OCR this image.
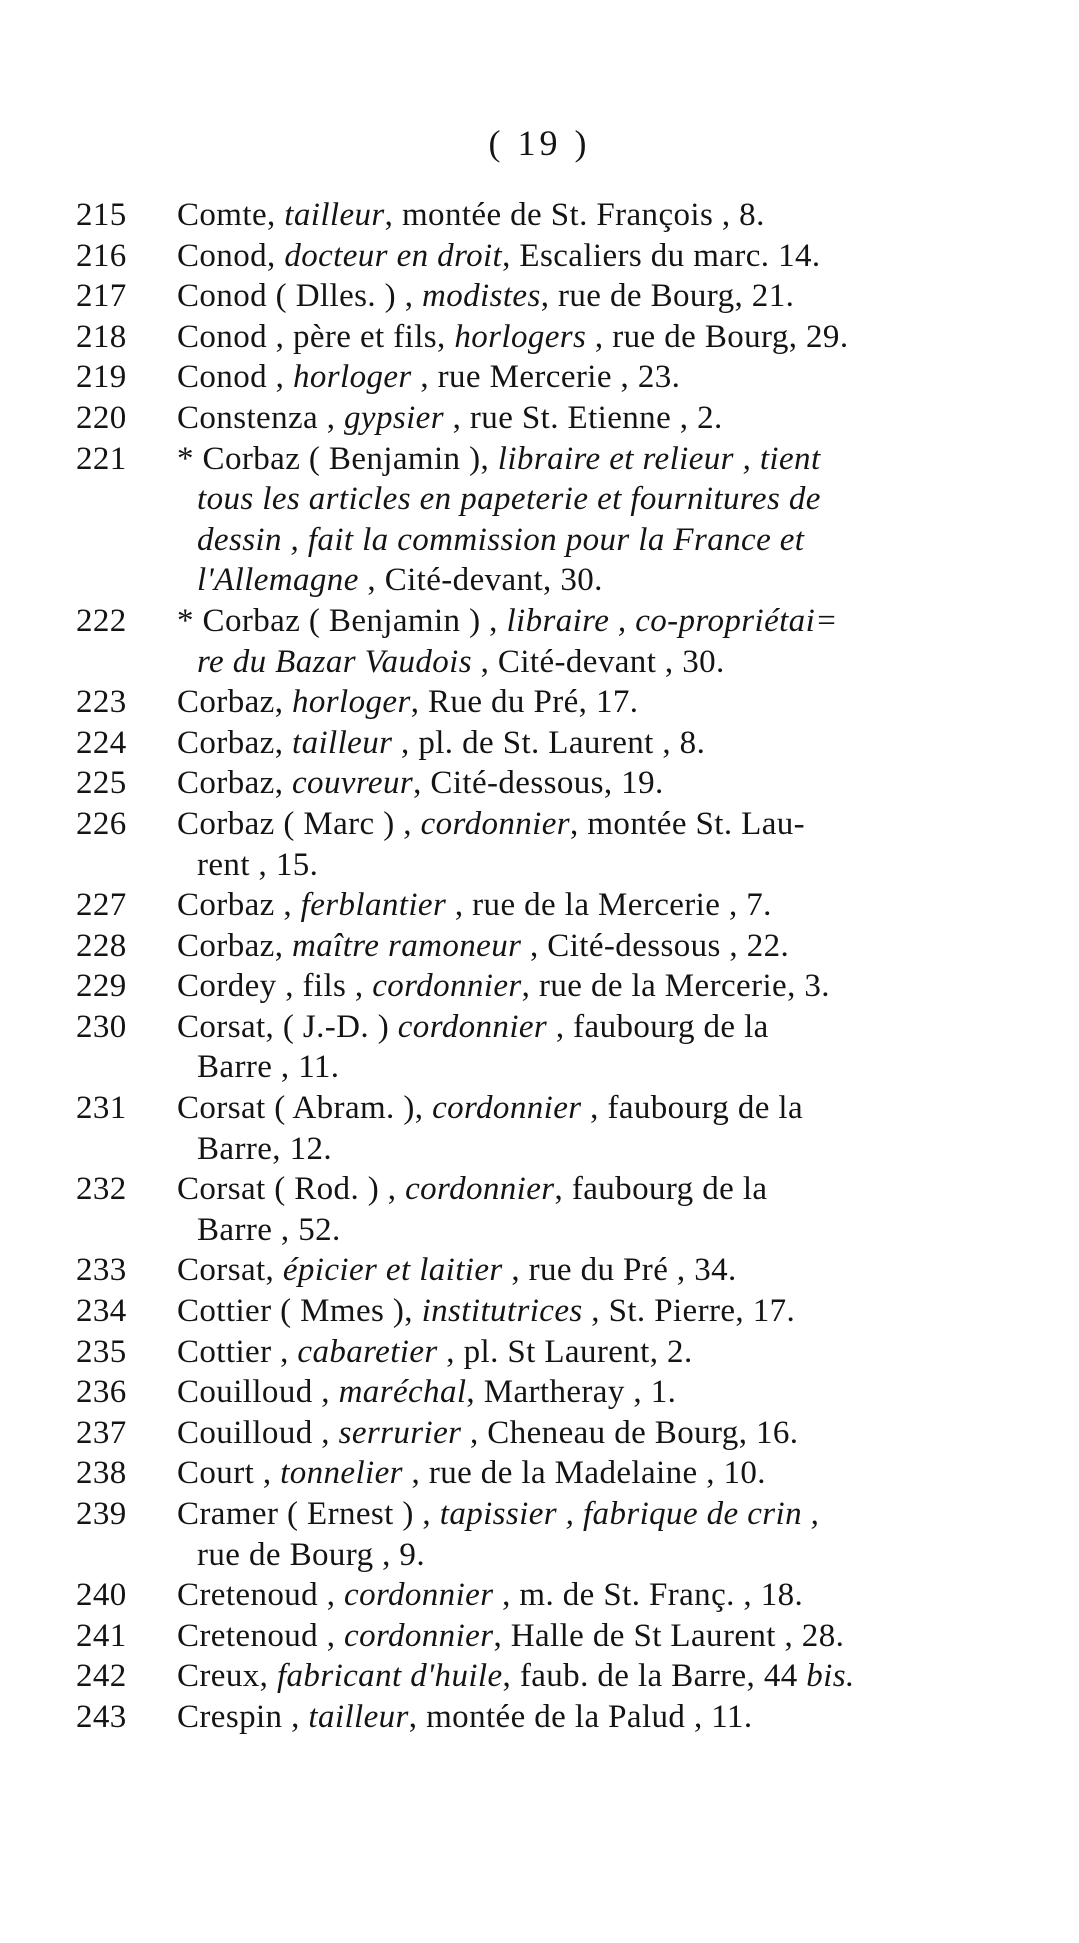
( 19 )
215	Comte, tailleur, montée de St. François , 8.
216	Conod, docteur en droit, Escaliers du marc. 14.
217	Conod ( Dlles. ) , modistes, rue de Bourg, 21.
218	Conod , père et fils, horlogers , rue de Bourg, 29.
219	Conod , horloger , rue Mercerie , 23.
220	Constenza , gypsier , rue St. Etienne , 2.
221	* Corbaz ( Benjamin ), libraire et relieur , tient
tous les articles en papeterie et fournitures de
dessin , fait la commission pour la France et
l'Allemagne , Cité-devant, 30.
222	* Corbaz ( Benjamin ) , libraire , co-propriétai=
re du Bazar Vaudois , Cité-devant , 30.
223	Corbaz, horloger, Rue du Pré, 17.
224	Corbaz, tailleur , pl. de St. Laurent , 8.
225	Corbaz, couvreur, Cité-dessous, 19.
226	Corbaz ( Marc ) , cordonnier, montée St. Lau-
rent , 15.
227	Corbaz , ferblantier , rue de la Mercerie , 7.
228	Corbaz, maître ramoneur , Cité-dessous , 22.
229	Cordey , fils , cordonnier, rue de la Mercerie, 3.
230	Corsat, ( J.-D. ) cordonnier , faubourg de la
Barre , 11.
231	Corsat ( Abram. ), cordonnier , faubourg de la
Barre, 12.
232	Corsat ( Rod. ) , cordonnier, faubourg de la
Barre , 52.
233	Corsat, épicier et laitier , rue du Pré , 34.
234	Cottier ( Mmes ), institutrices , St. Pierre, 17.
235	Cottier , cabaretier , pl. St Laurent, 2.
236	Couilloud , maréchal, Martheray , 1.
237	Couilloud , serrurier , Cheneau de Bourg, 16.
238	Court , tonnelier , rue de la Madelaine , 10.
239	Cramer ( Ernest ) , tapissier , fabrique de crin ,
rue de Bourg , 9.
240	Cretenoud , cordonnier , m. de St. Franç. , 18.
241	Cretenoud , cordonnier, Halle de St Laurent , 28.
242	Creux, fabricant d'huile, faub. de la Barre, 44 bis.
243	Crespin , tailleur, montée de la Palud , 11.
